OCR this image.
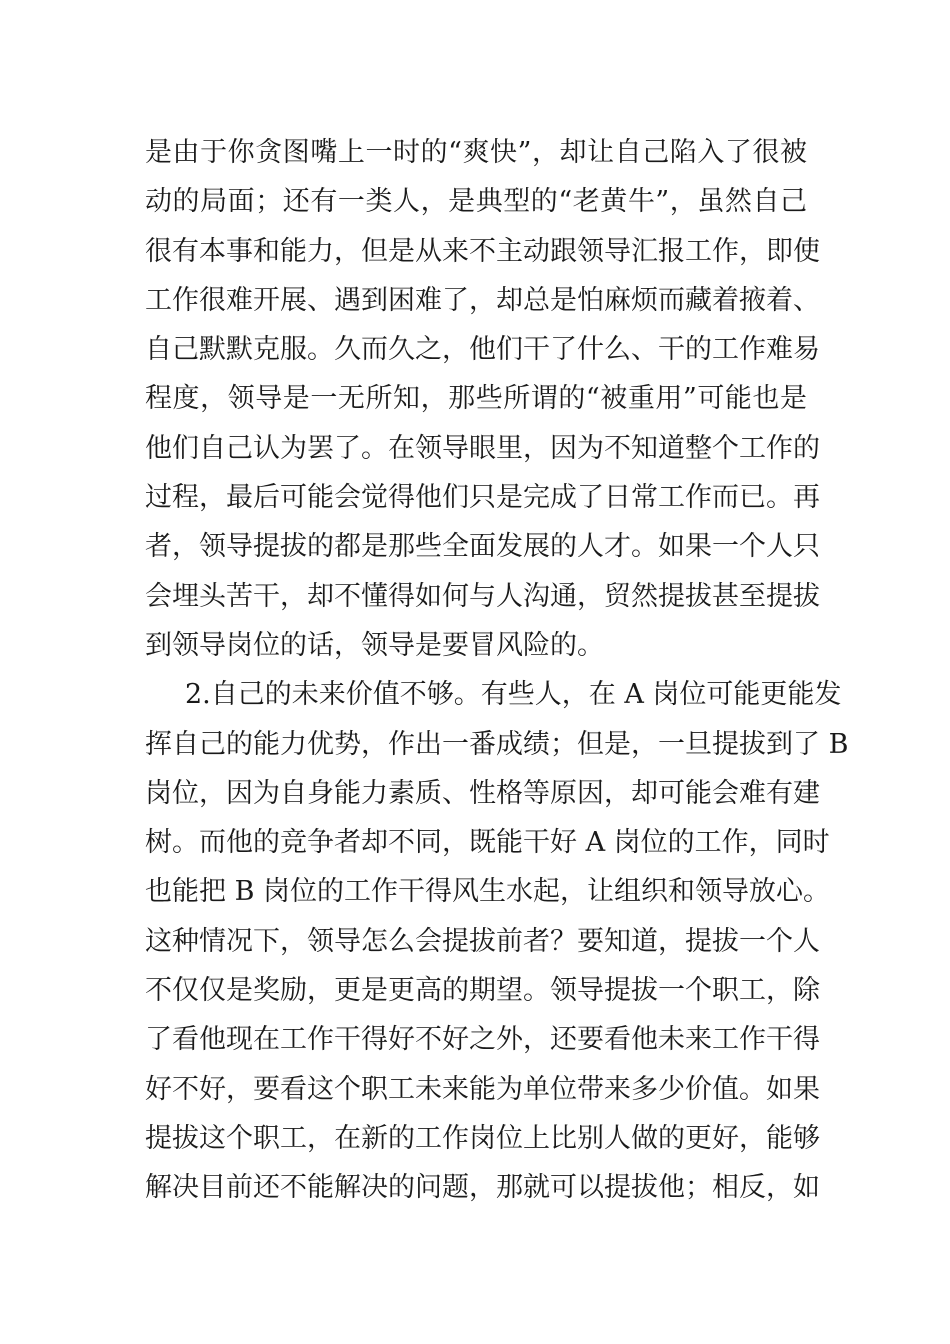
是由于你贪图嘴上一时的“爽快”，却让自己陷入了很被
动的局面；还有一类人，是典型的“老黄牛”，虽然自己
很有本事和能力，但是从来不主动跟领导汇报工作，即使
工作很难开展、遇到困难了，却总是怕麻烦而藏着掖着、
自己默默克服。久而久之，他们干了什么、干的工作难易
程度，领导是一无所知，那些所谓的“被重用”可能也是
他们自己认为罢了。在领导眼里，因为不知道整个工作的
过程，最后可能会觉得他们只是完成了日常工作而已。再
者，领导提拔的都是那些全面发展的人才。如果一个人只
会埋头苦干，却不懂得如何与人沟通，贸然提拔甚至提拔
到领导岗位的话，领导是要冒风险的。
2.自己的未来价值不够。有些人，在 A 岗位可能更能发
挥自己的能力优势，作出一番成绩；但是，一旦提拔到了 B
岗位，因为自身能力素质、性格等原因，却可能会难有建
树。而他的竞争者却不同，既能干好 A 岗位的工作，同时
也能把 B 岗位的工作干得风生水起，让组织和领导放心。
这种情况下，领导怎么会提拔前者？要知道，提拔一个人
不仅仅是奖励，更是更高的期望。领导提拔一个职工，除
了看他现在工作干得好不好之外，还要看他未来工作干得
好不好，要看这个职工未来能为单位带来多少价值。如果
提拔这个职工，在新的工作岗位上比别人做的更好，能够
解决目前还不能解决的问题，那就可以提拔他；相反，如
